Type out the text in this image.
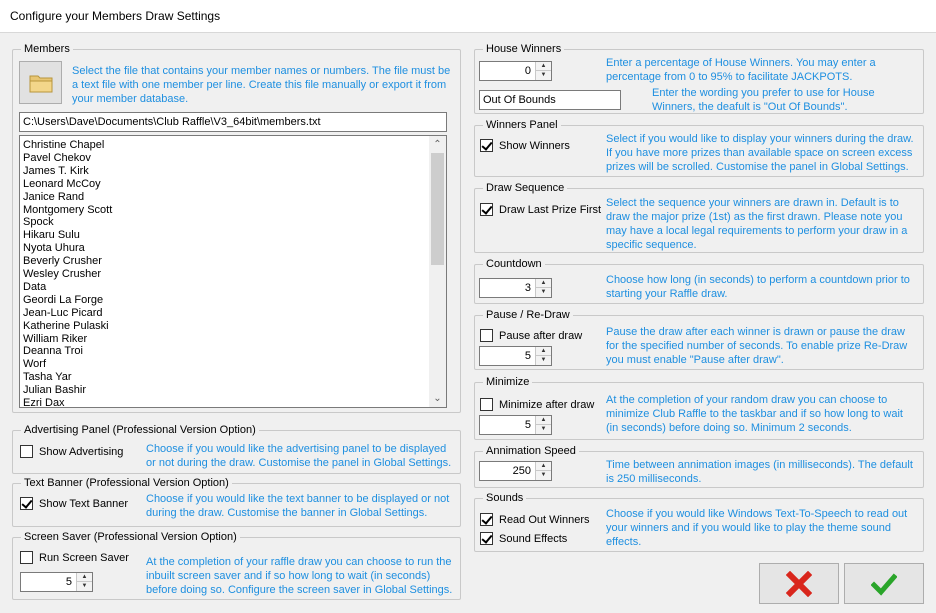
Configure your Members Draw Settings
Members
Select the file that contains your member names or numbers. The file must be a text file with one member per line. Create this file manually or export it from your member database.
C:\Users\Dave\Documents\Club Raffle\V3_64bit\members.txt
⌃
⌄
Christine Chapel
Pavel Chekov
James T. Kirk
Leonard McCoy
Janice Rand
Montgomery Scott
Spock
Hikaru Sulu
Nyota Uhura
Beverly Crusher
Wesley Crusher
Data
Geordi La Forge
Jean-Luc Picard
Katherine Pulaski
William Riker
Deanna Troi
Worf
Tasha Yar
Julian Bashir
Ezri Dax
Advertising Panel (Professional Version Option)
Show Advertising Choose if you would like the advertising panel to be displayed or not during the draw. Customise the panel in Global Settings.
Text Banner (Professional Version Option)
Show Text Banner Choose if you would like the text banner to be displayed or not during the draw. Customise the banner in Global Settings.
Screen Saver (Professional Version Option)
Run Screen Saver
5	▲
▼
At the completion of your raffle draw you can choose to run the inbuilt screen saver and if so how long to wait (in seconds) before doing so. Configure the screen saver in Global Settings.
House Winners
0	▲
▼
Enter a percentage of House Winners. You may enter a percentage from 0 to 95% to facilitate JACKPOTS.
Out Of Bounds
Enter the wording you prefer to use for House Winners, the deafult is "Out Of Bounds".
Winners Panel
Show Winners
Select if you would like to display your winners during the draw. If you have more prizes than available space on screen excess prizes will be scrolled. Customise the panel in Global Settings.
Draw Sequence
Draw Last Prize First
Select the sequence your winners are drawn in. Default is to draw the major prize (1st) as the first drawn. Please note you may have a local legal requirements to perform your draw in a specific sequence.
Countdown
3	▲
▼
Choose how long (in seconds) to perform a countdown prior to starting your Raffle draw.
Pause / Re-Draw
Pause after draw
5	▲
▼
Pause the draw after each winner is drawn or pause the draw for the specified number of seconds. To enable prize Re-Draw you must enable "Pause after draw".
Minimize
Minimize after draw
5	▲
▼
At the completion of your random draw you can choose to minimize Club Raffle to the taskbar and if so how long to wait (in seconds) before doing so. Minimum 2 seconds.
Annimation Speed
250	▲
▼
Time between annimation images (in milliseconds). The default is 250 milliseconds.
Sounds
Read Out Winners
Sound Effects
Choose if you would like Windows Text-To-Speech to read out your winners and if you would like to play the theme sound effects.
